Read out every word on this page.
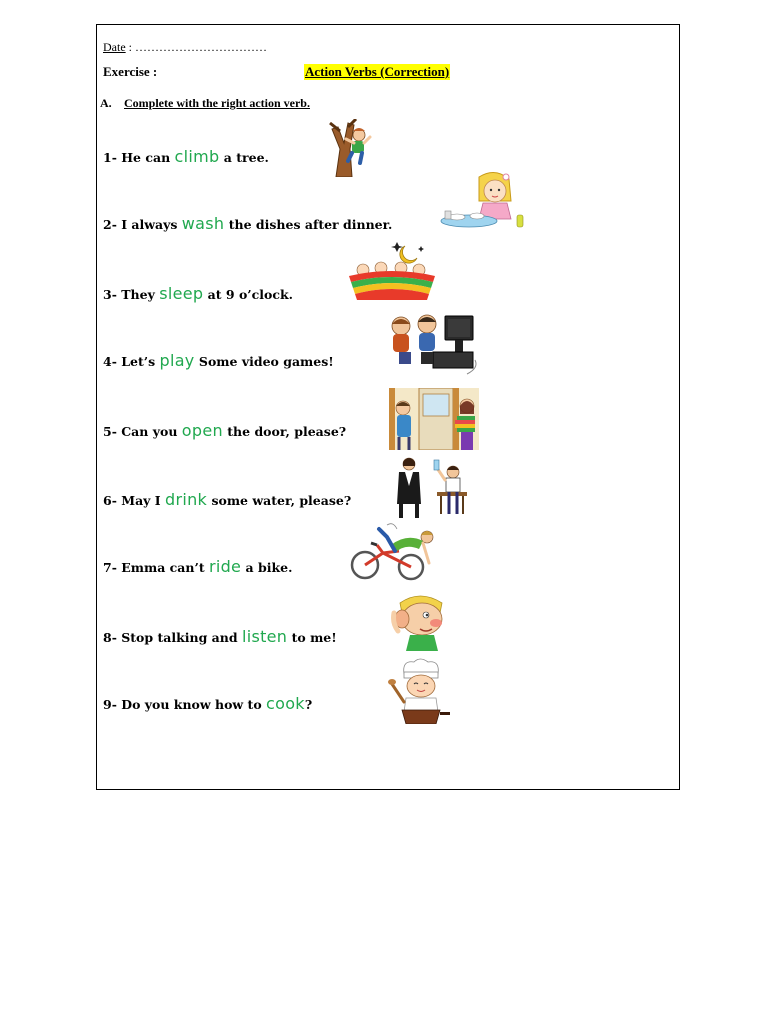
Date : ……………………………
Exercise :	Action Verbs (Correction)
A. Complete with the right action verb.
1- He can climb a tree.
2- I always wash the dishes after dinner.
3- They sleep at 9 o’clock.
4- Let’s play Some video games!
5- Can you open the door, please?
6- May I drink some water, please?
7- Emma can’t ride a bike.
8- Stop talking and listen to me!
9- Do you know how to cook?
